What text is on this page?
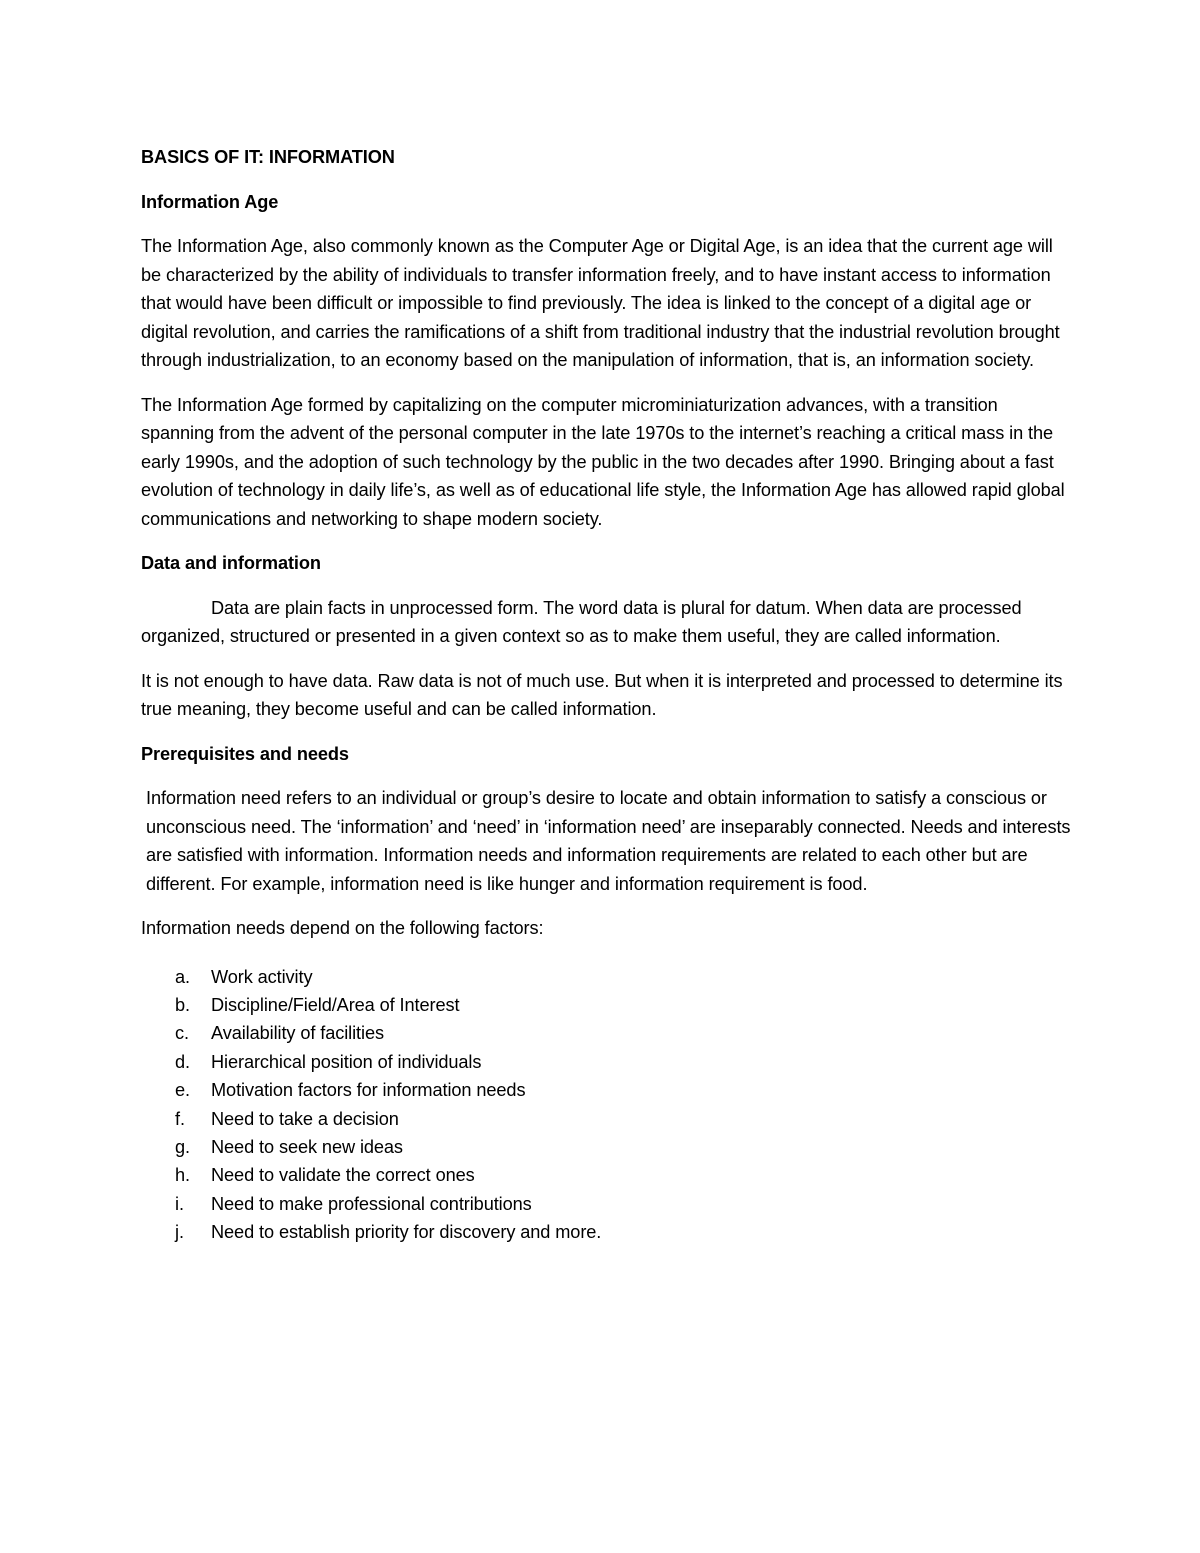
BASICS OF IT: INFORMATION
Information Age

The Information Age, also commonly known as the Computer Age or Digital Age, is an idea that the current age will be characterized by the ability of individuals to transfer information freely, and to have instant access to information that would have been difficult or impossible to find previously. The idea is linked to the concept of a digital age or digital revolution, and carries the ramifications of a shift from traditional industry that the industrial revolution brought through industrialization, to an economy based on the manipulation of information, that is, an information society.

The Information Age formed by capitalizing on the computer microminiaturization advances, with a transition spanning from the advent of the personal computer in the late 1970s to the internet’s reaching a critical mass in the early 1990s, and the adoption of such technology by the public in the two decades after 1990. Bringing about a fast evolution of technology in daily life’s, as well as of educational life style, the Information Age has allowed rapid global communications and networking to shape modern society.

Data and information

Data are plain facts in unprocessed form. The word data is plural for datum. When data are processed organized, structured or presented in a given context so as to make them useful, they are called information.

It is not enough to have data. Raw data is not of much use. But when it is interpreted and processed to determine its true meaning, they become useful and can be called information.

Prerequisites and needs

Information need refers to an individual or group’s desire to locate and obtain information to satisfy a conscious or unconscious need. The ‘information’ and ‘need’ in ‘information need’ are inseparably connected. Needs and interests are satisfied with information. Information needs and information requirements are related to each other but are different. For example, information need is like hunger and information requirement is food.

Information needs depend on the following factors:

a.	Work activity
b.	Discipline/Field/Area of Interest
c.	Availability of facilities
d.	Hierarchical position of individuals
e.	Motivation factors for information needs
f.	Need to take a decision
g.	Need to seek new ideas
h.	Need to validate the correct ones
i.	Need to make professional contributions
j.	Need to establish priority for discovery and more.
